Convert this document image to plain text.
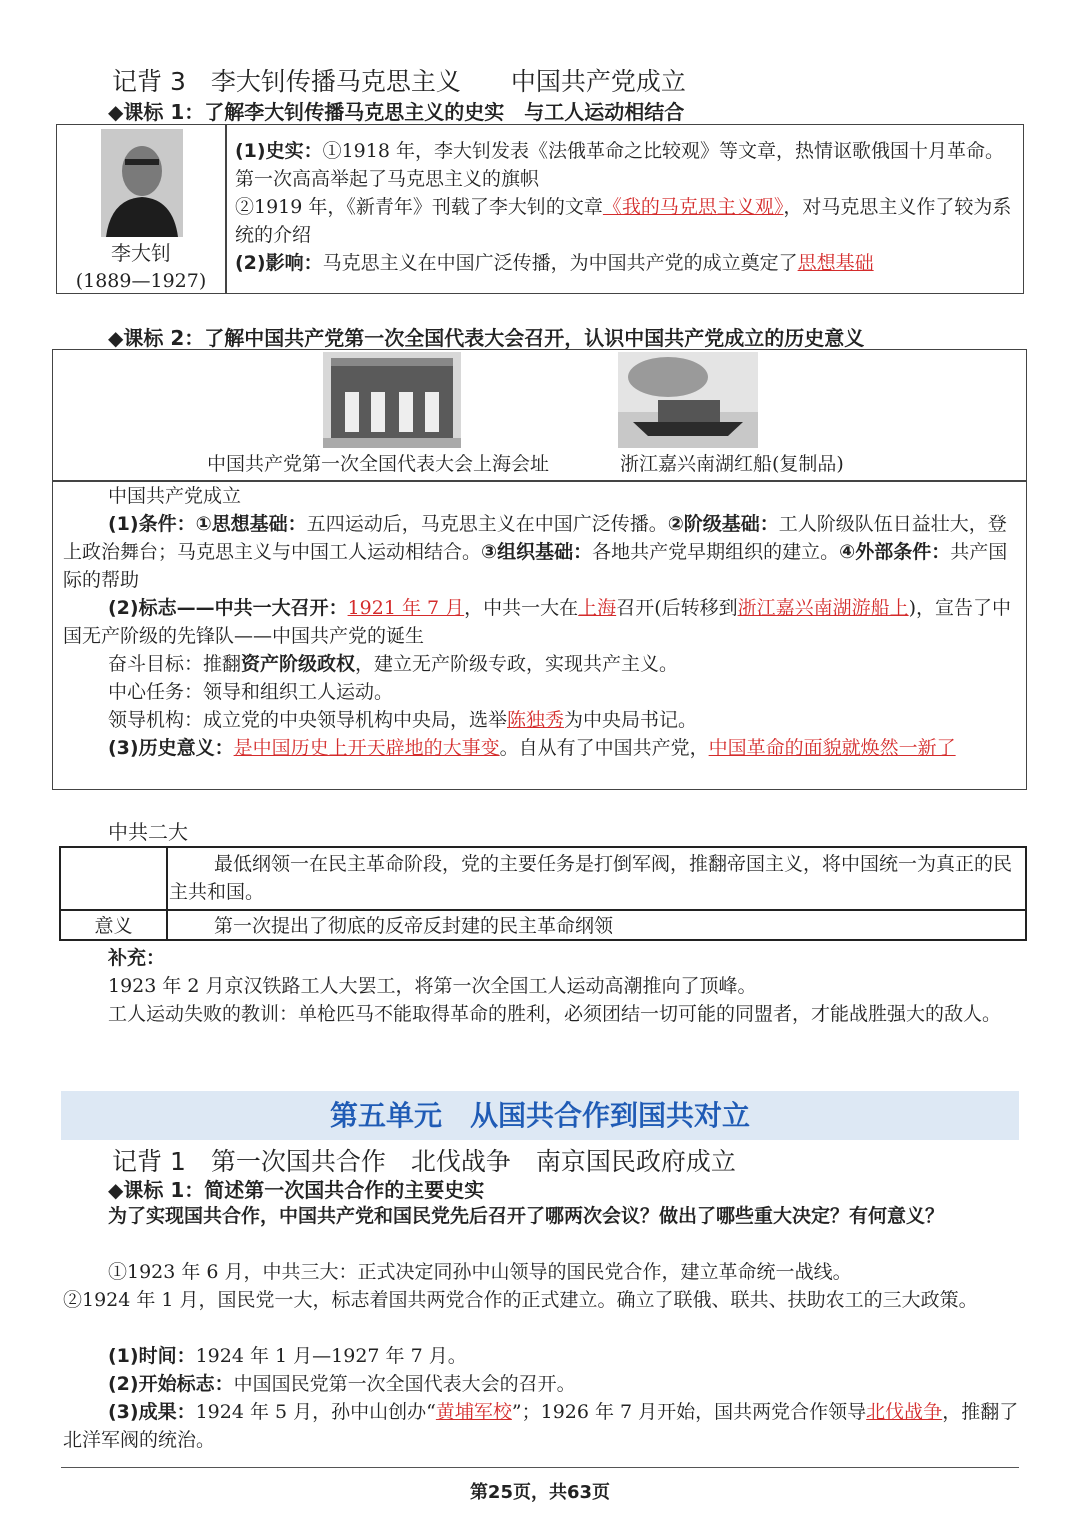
记背 3　李大钊传播马克思主义　　中国共产党成立
◆课标 1：了解李大钊传播马克思主义的史实　与工人运动相结合
李大钊
(1889—1927)
(1)史实：①1918 年，李大钊发表《法俄革命之比较观》等文章，热情讴歌俄国十月革命。第一次高高举起了马克思主义的旗帜
②1919 年，《新青年》刊载了李大钊的文章《我的马克思主义观》，对马克思主义作了较为系统的介绍
(2)影响：马克思主义在中国广泛传播，为中国共产党的成立奠定了思想基础
◆课标 2：了解中国共产党第一次全国代表大会召开，认识中国共产党成立的历史意义
中国共产党第一次全国代表大会上海会址	浙江嘉兴南湖红船(复制品)
中国共产党成立
(1)条件：①思想基础：五四运动后，马克思主义在中国广泛传播。②阶级基础：工人阶级队伍日益壮大，登上政治舞台；马克思主义与中国工人运动相结合。③组织基础：各地共产党早期组织的建立。④外部条件：共产国际的帮助
(2)标志——中共一大召开：1921 年 7 月，中共一大在上海召开(后转移到浙江嘉兴南湖游船上)，宣告了中国无产阶级的先锋队——中国共产党的诞生
奋斗目标：推翻资产阶级政权，建立无产阶级专政，实现共产主义。
中心任务：领导和组织工人运动。
领导机构：成立党的中央领导机构中央局，选举陈独秀为中央局书记。
(3)历史意义：是中国历史上开天辟地的大事变。自从有了中国共产党，中国革命的面貌就焕然一新了
中共二大
最低纲领一在民主革命阶段，党的主要任务是打倒军阀，推翻帝国主义，将中国统一为真正的民主共和国。
意义	第一次提出了彻底的反帝反封建的民主革命纲领
补充：
1923 年 2 月京汉铁路工人大罢工，将第一次全国工人运动高潮推向了顶峰。
工人运动失败的教训：单枪匹马不能取得革命的胜利，必须团结一切可能的同盟者，才能战胜强大的敌人。
第五单元　从国共合作到国共对立
记背 1　第一次国共合作　北伐战争　南京国民政府成立
◆课标 1：简述第一次国共合作的主要史实
为了实现国共合作，中国共产党和国民党先后召开了哪两次会议？做出了哪些重大决定？有何意义？
①1923 年 6 月，中共三大：正式决定同孙中山领导的国民党合作，建立革命统一战线。
②1924 年 1 月，国民党一大，标志着国共两党合作的正式建立。确立了联俄、联共、扶助农工的三大政策。
(1)时间：1924 年 1 月—1927 年 7 月。
(2)开始标志：中国国民党第一次全国代表大会的召开。
(3)成果：1924 年 5 月，孙中山创办“黄埔军校”；1926 年 7 月开始，国共两党合作领导北伐战争，推翻了北洋军阀的统治。
第25页，共63页
